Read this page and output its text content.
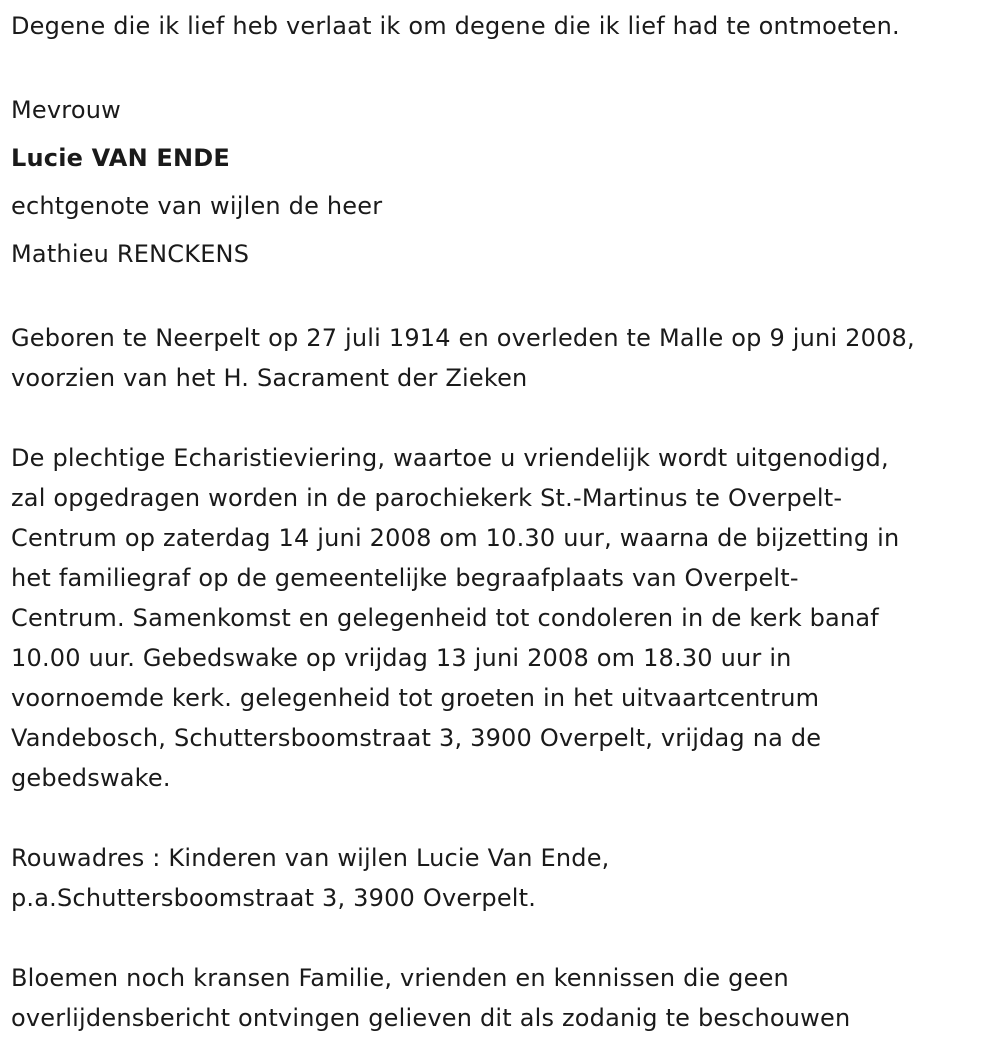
Degene die ik lief heb verlaat ik om degene die ik lief had te ontmoeten.

Mevrouw
Lucie VAN ENDE
echtgenote van wijlen de heer
Mathieu RENCKENS
Geboren te Neerpelt op 27 juli 1914 en overleden te Malle op 9 juni 2008,
voorzien van het H. Sacrament der Zieken
De plechtige Echaristieviering, waartoe u vriendelijk wordt uitgenodigd,
zal opgedragen worden in de parochiekerk St.-Martinus te Overpelt-
Centrum op zaterdag 14 juni 2008 om 10.30 uur, waarna de bijzetting in
het familiegraf op de gemeentelijke begraafplaats van Overpelt-
Centrum. Samenkomst en gelegenheid tot condoleren in de kerk banaf
10.00 uur. Gebedswake op vrijdag 13 juni 2008 om 18.30 uur in
voornoemde kerk. gelegenheid tot groeten in het uitvaartcentrum
Vandebosch, Schuttersboomstraat 3, 3900 Overpelt, vrijdag na de
gebedswake.
Rouwadres : Kinderen van wijlen Lucie Van Ende,
p.a.Schuttersboomstraat 3, 3900 Overpelt.
Bloemen noch kransen Familie, vrienden en kennissen die geen
overlijdensbericht ontvingen gelieven dit als zodanig te beschouwen
